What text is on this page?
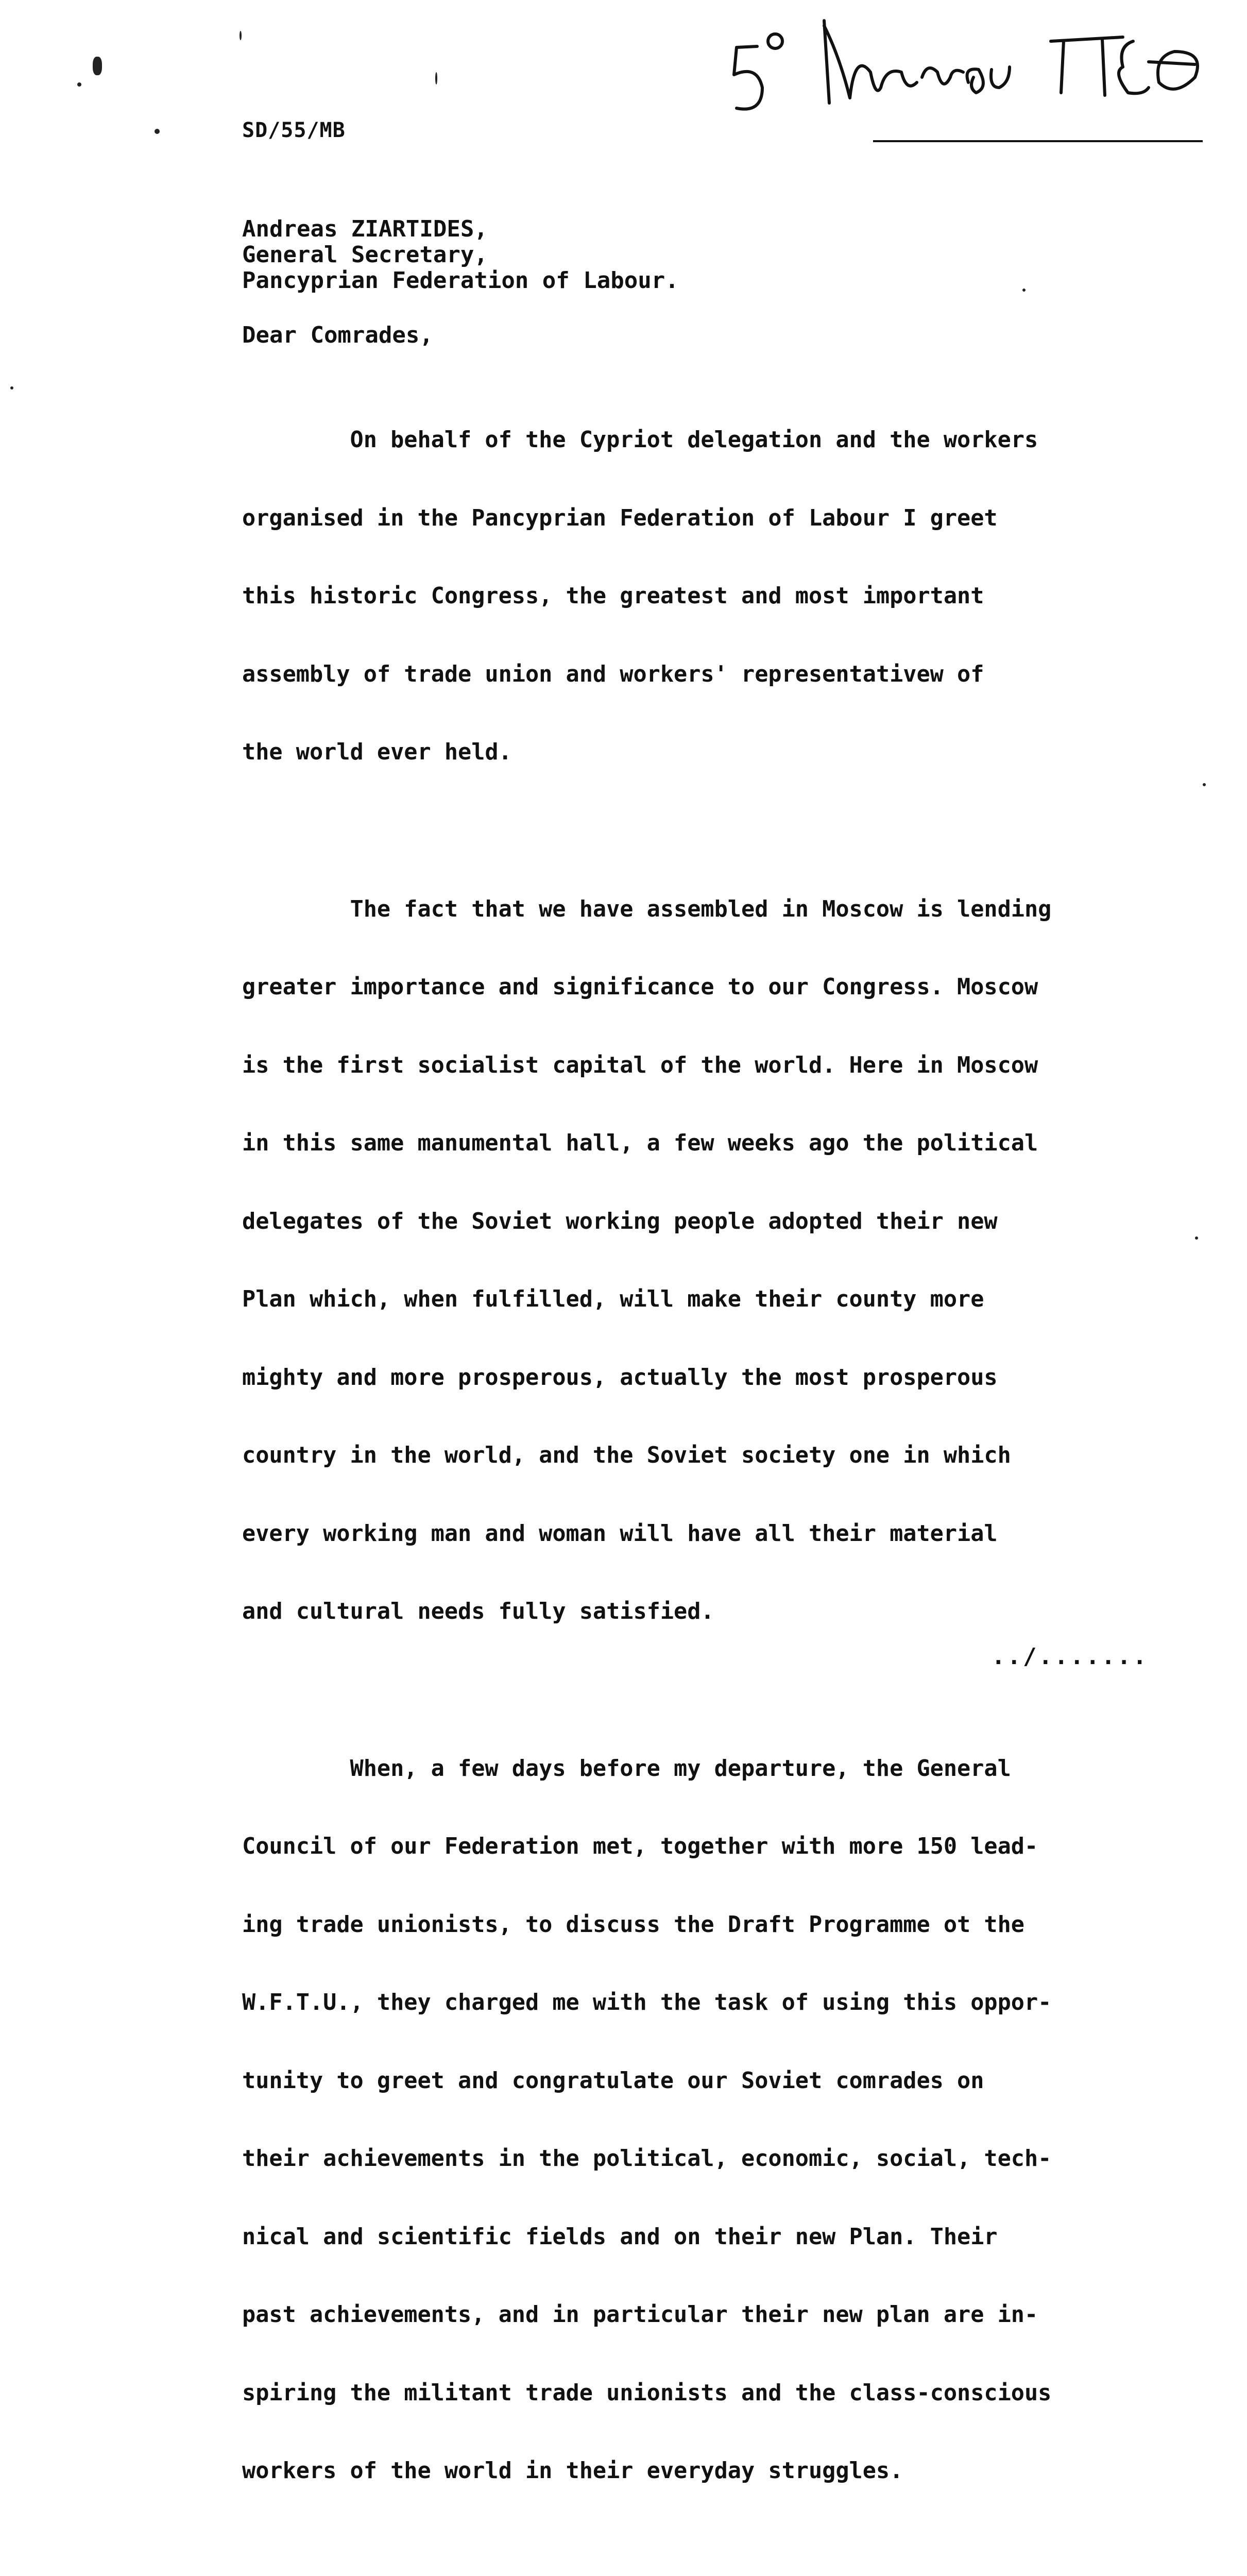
SD/55/MB
Andreas ZIARTIDES,
General Secretary,
Pancyprian Federation of Labour.
Dear Comrades,

On behalf of the Cypriot delegation and the workers

organised in the Pancyprian Federation of Labour I greet

this historic Congress, the greatest and most important

assembly of trade union and workers' representativew of

the world ever held.

The fact that we have assembled in Moscow is lending

greater importance and significance to our Congress. Moscow

is the first socialist capital of the world. Here in Moscow

in this same manumental hall, a few weeks ago the political

delegates of the Soviet working people adopted their new

Plan which, when fulfilled, will make their county more

mighty and more prosperous, actually the most prosperous

country in the world, and the Soviet society one in which

every working man and woman will have all their material

and cultural needs fully satisfied.

When, a few days before my departure, the General

Council of our Federation met, together with more 150 lead-

ing trade unionists, to discuss the Draft Programme ot the

W.F.T.U., they charged me with the task of using this oppor-

tunity to greet and congratulate our Soviet comrades on

their achievements in the political, economic, social, tech-

nical and scientific fields and on their new Plan. Their

past achievements, and in particular their new plan are in-

spiring the militant trade unionists and the class-conscious

workers of the world in their everyday struggles.

../.......
